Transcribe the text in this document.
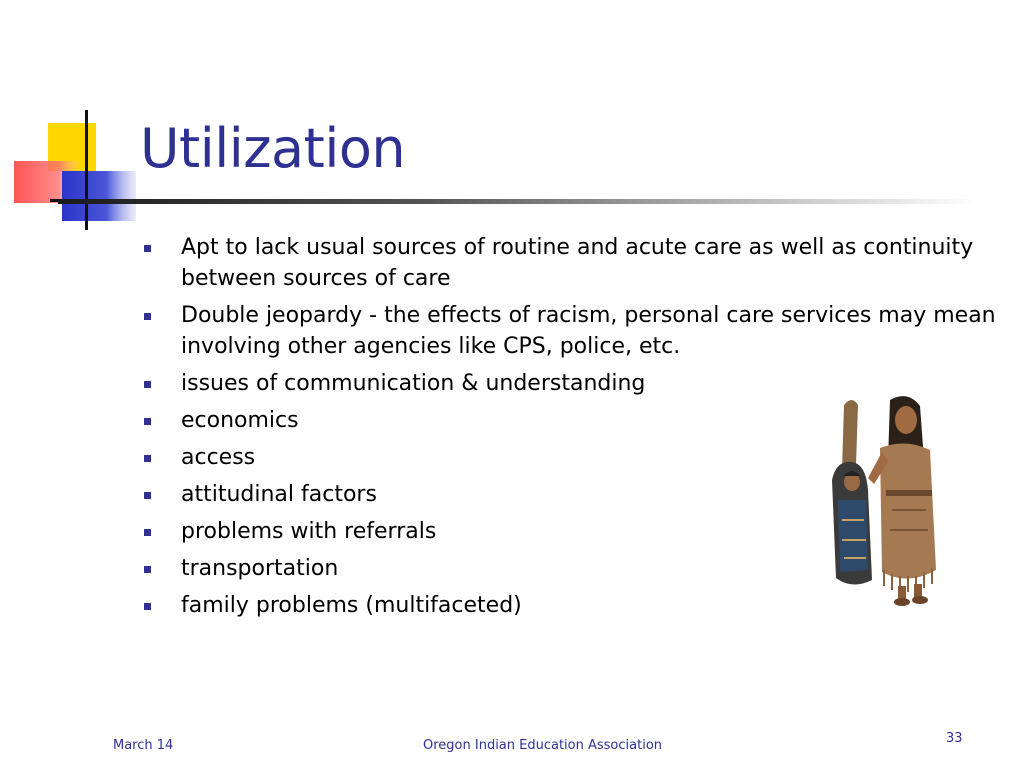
Utilization
Apt to lack usual sources of routine and acute care as well as continuity between sources of care
Double jeopardy - the effects of racism, personal care services may mean involving other agencies like CPS, police, etc.
issues of communication & understanding
economics
access
attitudinal factors
problems with referrals
transportation
family problems (multifaceted)
March 14	Oregon Indian Education Association	33
